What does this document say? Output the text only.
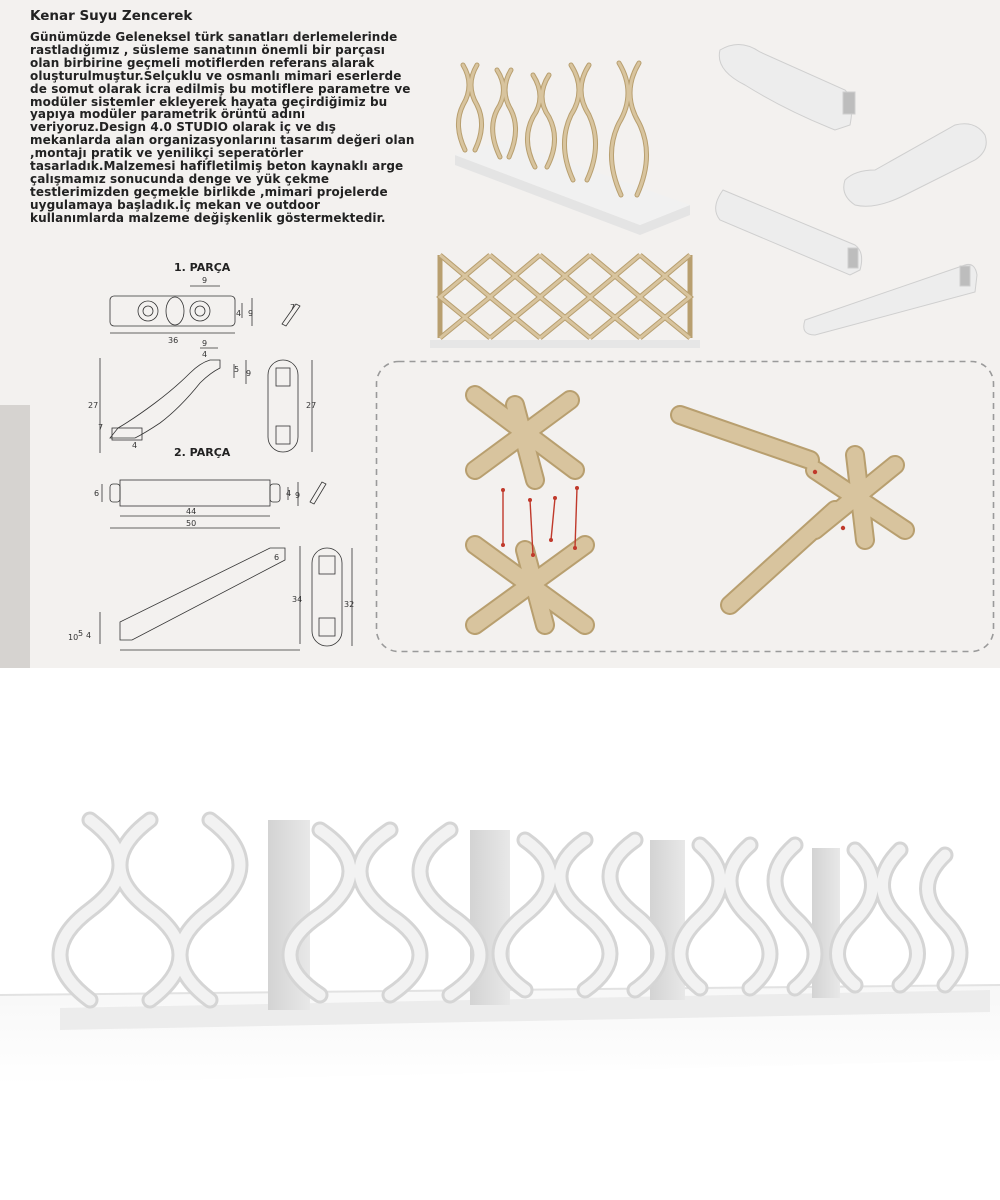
Kenar Suyu Zencerek

Günümüzde Geleneksel türk sanatları derlemelerinde rastladığımız , süsleme sanatının önemli bir parçası olan birbirine geçmeli motiflerden referans alarak oluşturulmuştur.Selçuklu ve osmanlı mimari eserlerde de somut olarak icra edilmiş bu motiflere parametre ve modüler sistemler ekleyerek hayata geçirdiğimiz bu yapıya modüler parametrik örüntü adını veriyoruz.Design 4.0 STUDIO olarak iç ve dış mekanlarda alan organizasyonlarını tasarım değeri olan ,montajı pratik ve yenilikçi seperatörler tasarladık.Malzemesi hafifletilmiş beton kaynaklı arge çalışmamız sonucunda denge ve yük çekme testlerimizden geçmekle birlikde ,mimari projelerde uygulamaya başladık.İç mekan ve outdoor kullanımlarda malzeme değişkenlik göstermektedir.

1. PARÇA
2. PARÇA
9
36
4 9
9
4
5 9
27
7
4
27
7
6	4 9
44
50
6
34
10 5 4
32
